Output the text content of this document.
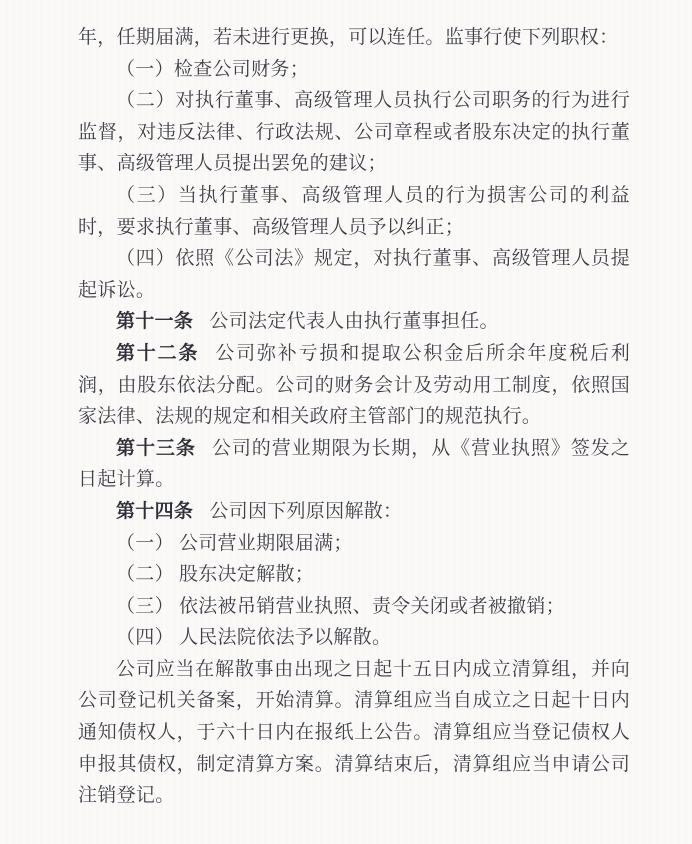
年，任期届满，若未进行更换，可以连任。监事行使下列职权：

（一）检查公司财务；

（二）对执行董事、高级管理人员执行公司职务的行为进行监督，对违反法律、行政法规、公司章程或者股东决定的执行董事、高级管理人员提出罢免的建议；

（三）当执行董事、高级管理人员的行为损害公司的利益时，要求执行董事、高级管理人员予以纠正；

（四）依照《公司法》规定，对执行董事、高级管理人员提起诉讼。

第十一条 公司法定代表人由执行董事担任。

第十二条 公司弥补亏损和提取公积金后所余年度税后利润，由股东依法分配。公司的财务会计及劳动用工制度，依照国家法律、法规的规定和相关政府主管部门的规范执行。

第十三条 公司的营业期限为长期，从《营业执照》签发之日起计算。

第十四条 公司因下列原因解散：

（一） 公司营业期限届满；

（二） 股东决定解散；

（三） 依法被吊销营业执照、责令关闭或者被撤销；

（四） 人民法院依法予以解散。

公司应当在解散事由出现之日起十五日内成立清算组，并向公司登记机关备案，开始清算。清算组应当自成立之日起十日内通知债权人，于六十日内在报纸上公告。清算组应当登记债权人申报其债权，制定清算方案。清算结束后，清算组应当申请公司注销登记。
